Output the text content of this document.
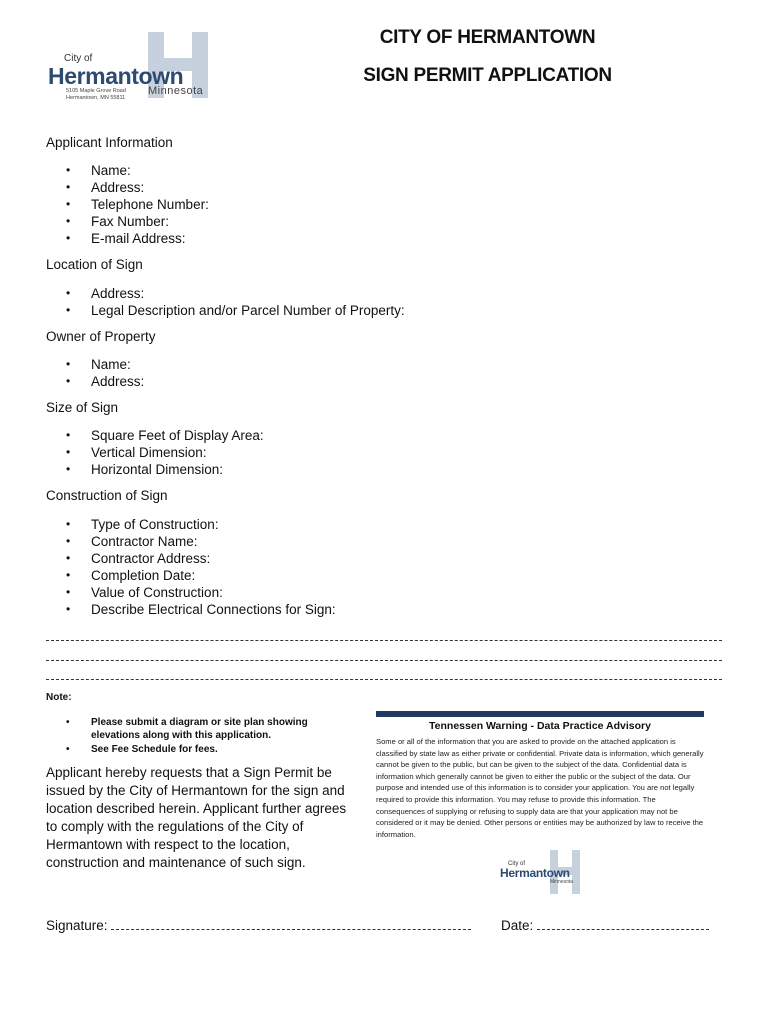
City of
Hermantown
Minnesota
5105 Maple Grove Road
Hermantown, MN 55811
CITY OF HERMANTOWN
SIGN PERMIT APPLICATION
Applicant Information
• Name:
• Address:
• Telephone Number:
• Fax Number:
• E-mail Address:
Location of Sign
• Address:
• Legal Description and/or Parcel Number of Property:
Owner of Property
• Name:
• Address:
Size of Sign
• Square Feet of Display Area:
• Vertical Dimension:
• Horizontal Dimension:
Construction of Sign
• Type of Construction:
• Contractor Name:
• Contractor Address:
• Completion Date:
• Value of Construction:
• Describe Electrical Connections for Sign:
Note:
• Please submit a diagram or site plan showing elevations along with this application.
• See Fee Schedule for fees.

Applicant hereby requests that a Sign Permit be issued by the City of Hermantown for the sign and location described herein. Applicant further agrees to comply with the regulations of the City of Hermantown with respect to the location, construction and maintenance of such sign.

Tennessen Warning - Data Practice Advisory
Some or all of the information that you are asked to provide on the attached application is classified by state law as either private or confidential. Private data is information, which generally cannot be given to the public, but can be given to the subject of the data. Confidential data is information which generally cannot be given to either the public or the subject of the data. Our purpose and intended use of this information is to consider your application. You are not legally required to provide this information. You may refuse to provide this information. The consequences of supplying or refusing to supply data are that your application may not be considered or it may be denied. Other persons or entities may be authorized by law to receive the information.
City of
Hermantown
Minnesota
Signature:	Date:
